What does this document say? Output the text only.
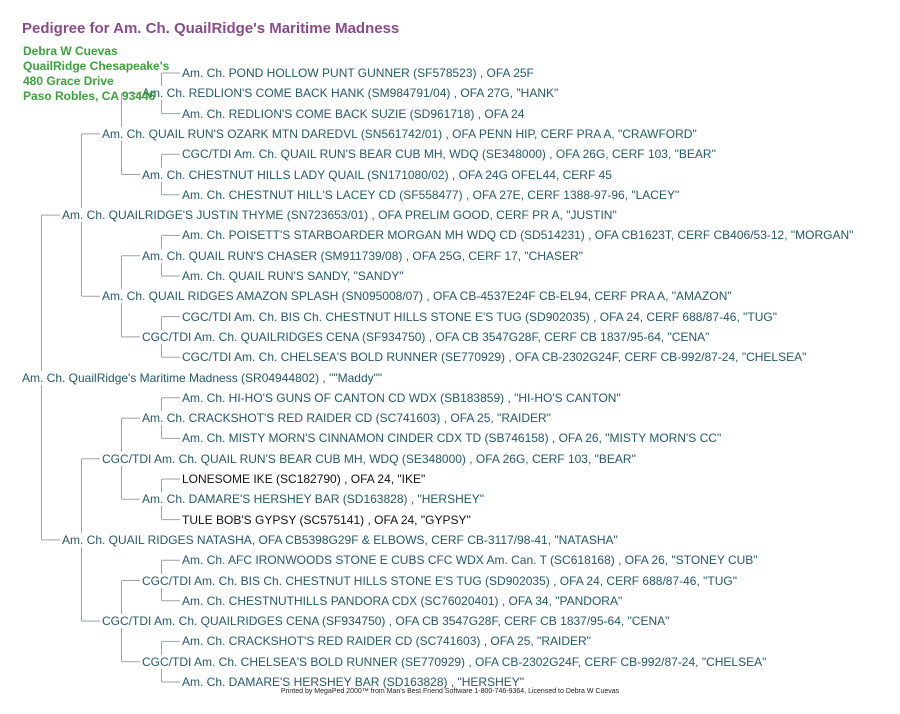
Pedigree for Am. Ch. QuailRidge's Maritime Madness
Debra W Cuevas
QuailRidge Chesapeake's
480 Grace Drive
Paso Robles, CA 93446
Am. Ch. POND HOLLOW PUNT GUNNER (SF578523) , OFA 25F
Am. Ch. REDLION'S COME BACK HANK (SM984791/04) , OFA 27G, "HANK"
Am. Ch. REDLION'S COME BACK SUZIE (SD961718) , OFA 24
Am. Ch. QUAIL RUN'S OZARK MTN DAREDVL (SN561742/01) , OFA PENN HIP, CERF PRA A, "CRAWFORD"
CGC/TDI Am. Ch. QUAIL RUN'S BEAR CUB MH, WDQ (SE348000) , OFA 26G, CERF 103, "BEAR"
Am. Ch. CHESTNUT HILLS LADY QUAIL (SN171080/02) , OFA 24G OFEL44, CERF 45
Am. Ch. CHESTNUT HILL'S LACEY CD (SF558477) , OFA 27E, CERF 1388-97-96, "LACEY"
Am. Ch. QUAILRIDGE'S JUSTIN THYME (SN723653/01) , OFA PRELIM GOOD, CERF PR A, "JUSTIN"
Am. Ch. POISETT'S STARBOARDER MORGAN MH WDQ CD (SD514231) , OFA CB1623T, CERF CB406/53-12, "MORGAN"
Am. Ch. QUAIL RUN'S CHASER (SM911739/08) , OFA 25G, CERF 17, "CHASER"
Am. Ch. QUAIL RUN'S SANDY, "SANDY"
Am. Ch. QUAIL RIDGES AMAZON SPLASH (SN095008/07) , OFA CB-4537E24F CB-EL94, CERF PRA A, "AMAZON"
CGC/TDI Am. Ch. BIS Ch. CHESTNUT HILLS STONE E'S TUG (SD902035) , OFA 24, CERF 688/87-46, "TUG"
CGC/TDI Am. Ch. QUAILRIDGES CENA (SF934750) , OFA CB 3547G28F, CERF CB 1837/95-64, "CENA"
CGC/TDI Am. Ch. CHELSEA'S BOLD RUNNER (SE770929) , OFA CB-2302G24F, CERF CB-992/87-24, "CHELSEA"
Am. Ch. QuailRidge's Maritime Madness (SR04944802) , ""Maddy""
Am. Ch. HI-HO'S GUNS OF CANTON CD WDX (SB183859) , "HI-HO'S CANTON"
Am. Ch. CRACKSHOT'S RED RAIDER CD (SC741603) , OFA 25, "RAIDER"
Am. Ch. MISTY MORN'S CINNAMON CINDER CDX TD (SB746158) , OFA 26, "MISTY MORN'S CC"
CGC/TDI Am. Ch. QUAIL RUN'S BEAR CUB MH, WDQ (SE348000) , OFA 26G, CERF 103, "BEAR"
LONESOME IKE (SC182790) , OFA 24, "IKE"
Am. Ch. DAMARE'S HERSHEY BAR (SD163828) , "HERSHEY"
TULE BOB'S GYPSY (SC575141) , OFA 24, "GYPSY"
Am. Ch. QUAIL RIDGES NATASHA, OFA CB5398G29F & ELBOWS, CERF CB-3117/98-41, "NATASHA"
Am. Ch. AFC IRONWOODS STONE E CUBS CFC WDX Am. Can. T (SC618168) , OFA 26, "STONEY CUB"
CGC/TDI Am. Ch. BIS Ch. CHESTNUT HILLS STONE E'S TUG (SD902035) , OFA 24, CERF 688/87-46, "TUG"
Am. Ch. CHESTNUTHILLS PANDORA CDX (SC76020401) , OFA 34, "PANDORA"
CGC/TDI Am. Ch. QUAILRIDGES CENA (SF934750) , OFA CB 3547G28F, CERF CB 1837/95-64, "CENA"
Am. Ch. CRACKSHOT'S RED RAIDER CD (SC741603) , OFA 25, "RAIDER"
CGC/TDI Am. Ch. CHELSEA'S BOLD RUNNER (SE770929) , OFA CB-2302G24F, CERF CB-992/87-24, "CHELSEA"
Am. Ch. DAMARE'S HERSHEY BAR (SD163828) , "HERSHEY"
Printed by MegaPed 2000™ from Man's Best Friend Software 1-800-746-9364, Licensed to Debra W Cuevas
